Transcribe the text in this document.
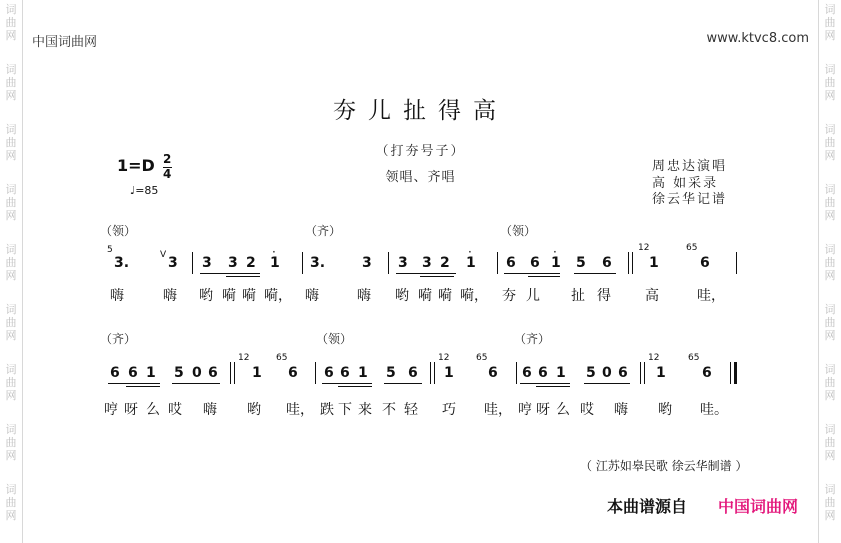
词
曲
网
词
曲
网
词
曲
网
词
曲
网
词
曲
网
词
曲
网
词
曲
网
词
曲
网
词
曲
网
词
曲
网
词
曲
网
词
曲
网
词
曲
网
词
曲
网
词
曲
网
词
曲
网
词
曲
网
词
曲
网
中国词曲网	www.ktvc8.com
夯儿扯得高
（打夯号子）
领唱、齐唱
1=D 2
4
♩=85
周忠达演唱
高 如采录
徐云华记谱
（领）	（齐）	（领）
5
3.	V 3 3 3 2 1
·
3.	3 3 3 2 1
·
6 6 1
·
5 6
12
1
65
6
嗨	嗨 哟 嗬 嗬 嗬， 嗨	嗨 哟 嗬 嗬 嗬， 夯 儿 扯 得 高	哇，
（齐）	（领）	（齐）
6 6 1 5 0 6
12
1
65
6 6 6 1 5 6
12
1
65
6 6 6 1 5 0 6
12
1
65
6
哼 呀 么 哎 嗨 哟 哇， 跌 下 来 不 轻 巧 哇， 哼 呀 么 哎 嗨 哟 哇。
（ 江苏如皋民歌 徐云华制谱 ）
本曲谱源自 中国词曲网
